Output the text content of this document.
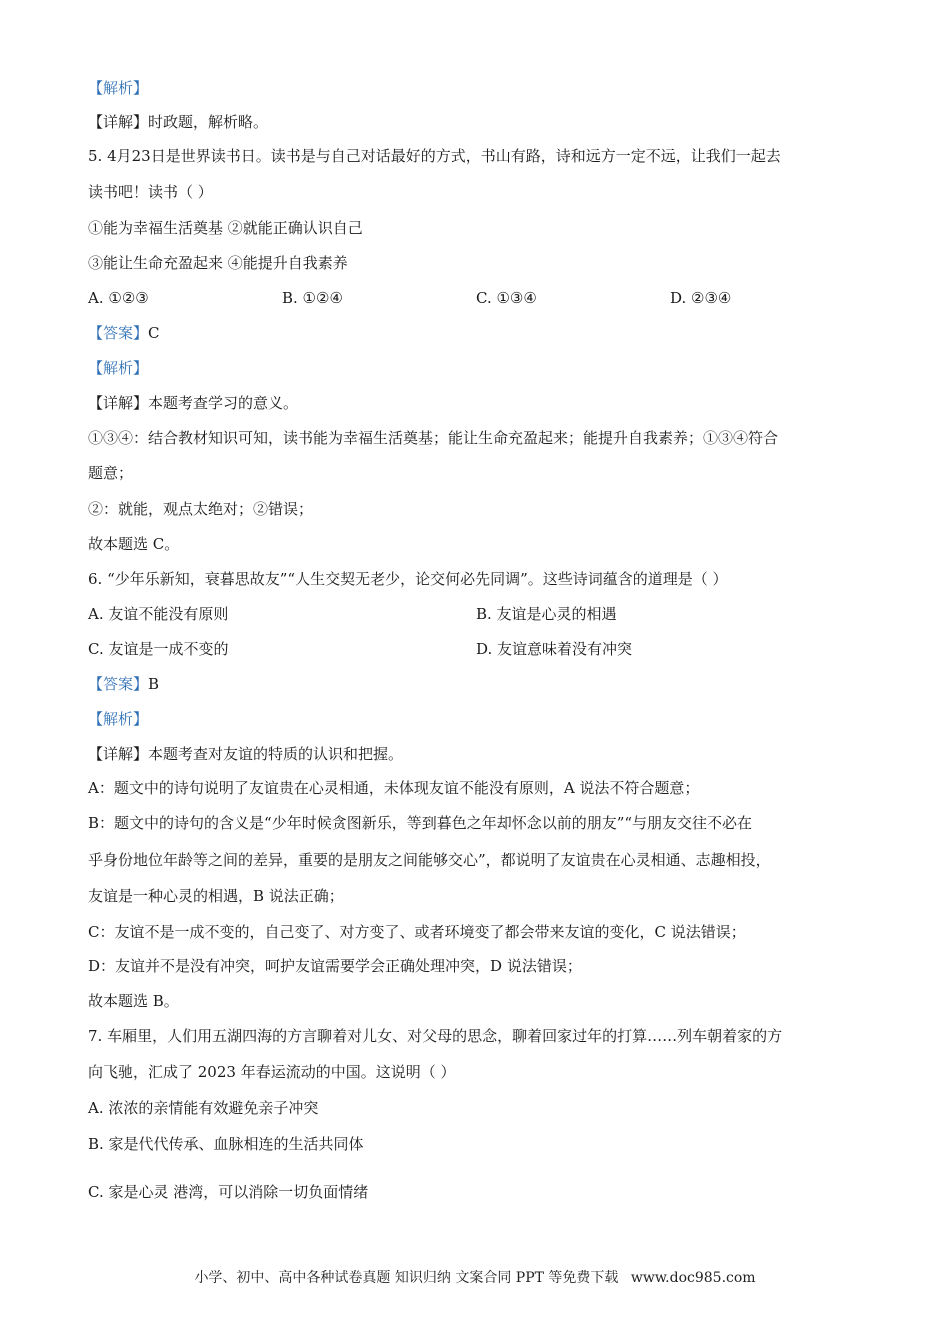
【解析】
【详解】时政题，解析略。
5. 4月23日是世界读书日。读书是与自己对话最好的方式，书山有路，诗和远方一定不远，让我们一起去
读书吧！读书（ ）
①能为幸福生活奠基 ②就能正确认识自己
③能让生命充盈起来 ④能提升自我素养
A. ①②③	B. ①②④	C. ①③④	D. ②③④
【答案】C
【解析】
【详解】本题考查学习的意义。
①③④：结合教材知识可知，读书能为幸福生活奠基；能让生命充盈起来；能提升自我素养；①③④符合
题意；
②：就能，观点太绝对；②错误；
故本题选 C。
6. “少年乐新知，衰暮思故友”“人生交契无老少，论交何必先同调”。这些诗词蕴含的道理是（ ）
A. 友谊不能没有原则	B. 友谊是心灵的相遇
C. 友谊是一成不变的	D. 友谊意味着没有冲突
【答案】B
【解析】
【详解】本题考查对友谊的特质的认识和把握。
A：题文中的诗句说明了友谊贵在心灵相通，未体现友谊不能没有原则，A 说法不符合题意；
B：题文中的诗句的含义是“少年时候贪图新乐，等到暮色之年却怀念以前的朋友”“与朋友交往不必在
乎身份地位年龄等之间的差异，重要的是朋友之间能够交心”，都说明了友谊贵在心灵相通、志趣相投，
友谊是一种心灵的相遇，B 说法正确；
C：友谊不是一成不变的，自己变了、对方变了、或者环境变了都会带来友谊的变化，C 说法错误；
D：友谊并不是没有冲突，呵护友谊需要学会正确处理冲突，D 说法错误；
故本题选 B。
7. 车厢里，人们用五湖四海的方言聊着对儿女、对父母的思念，聊着回家过年的打算……列车朝着家的方
向飞驰，汇成了 2023 年春运流动的中国。这说明（ ）
A. 浓浓的亲情能有效避免亲子冲突
B. 家是代代传承、血脉相连的生活共同体
C. 家是心灵 港湾，可以消除一切负面情绪
小学、初中、高中各种试卷真题 知识归纳 文案合同 PPT 等免费下载 www.doc985.com
